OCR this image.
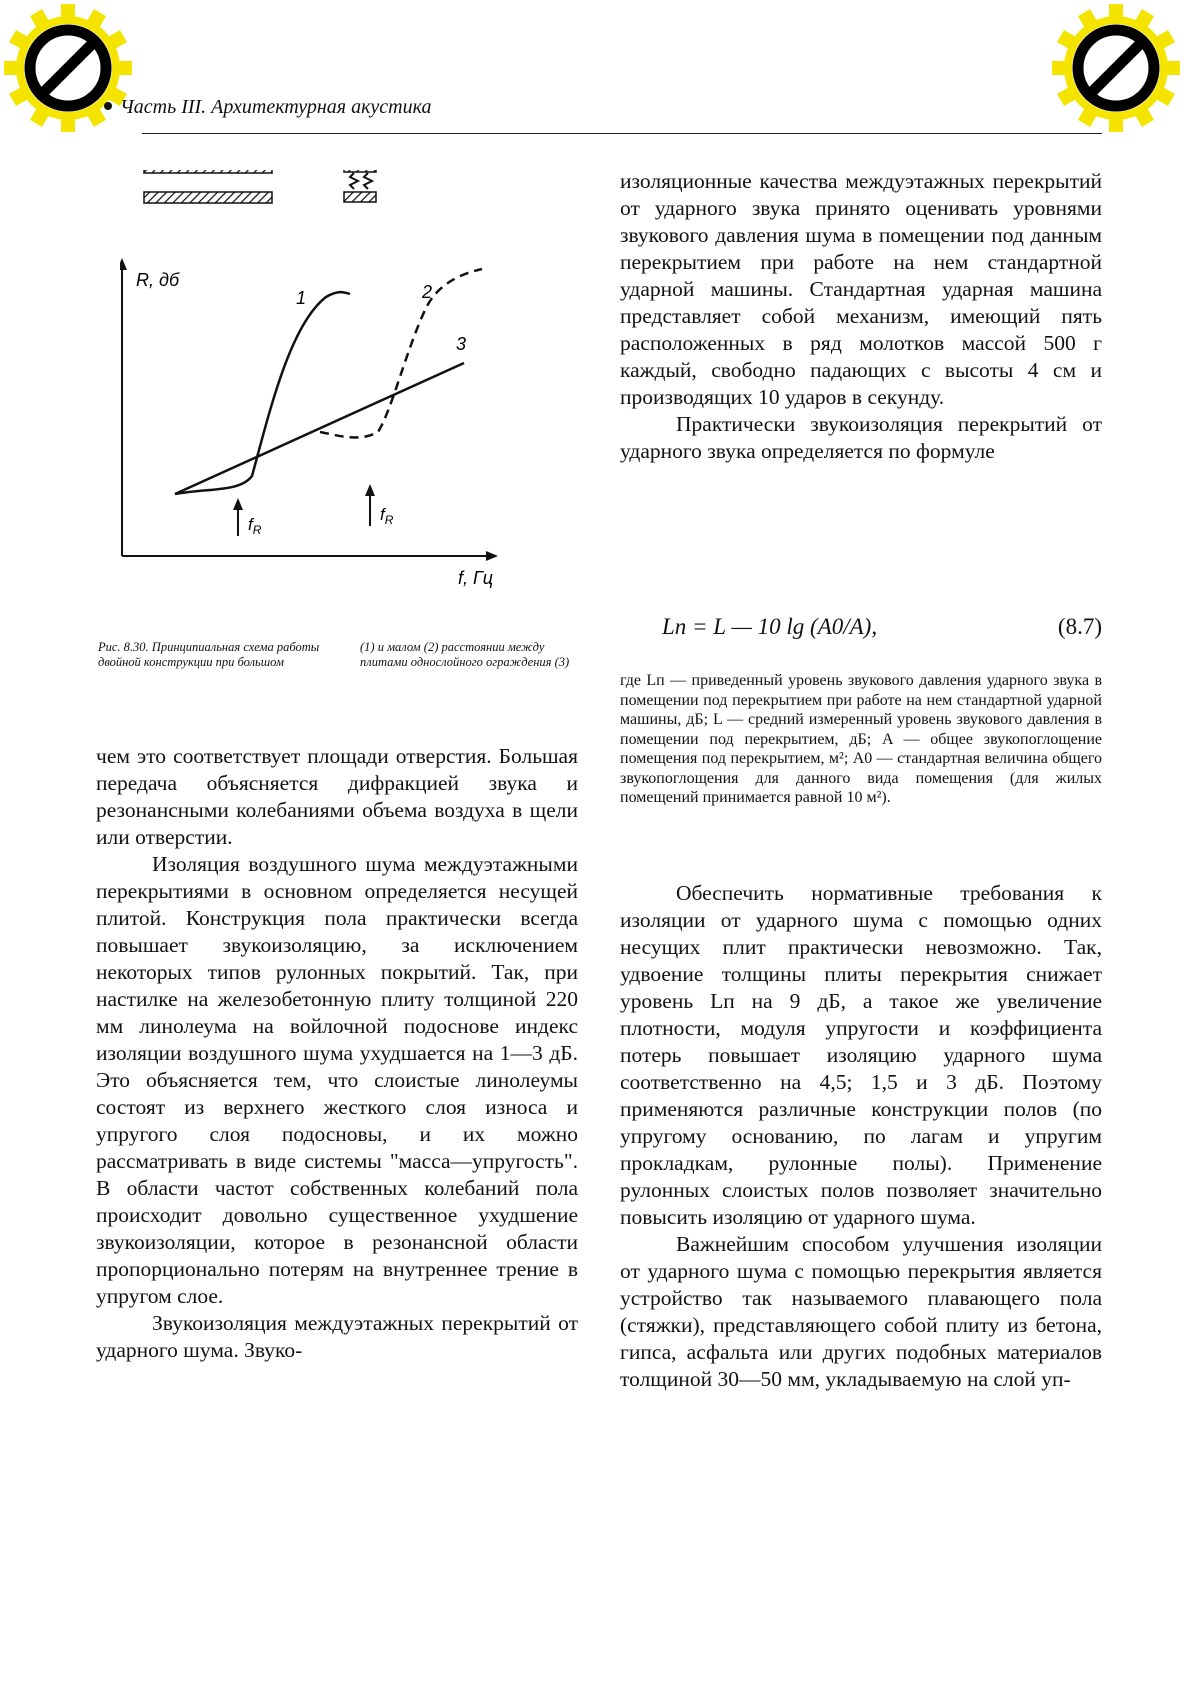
Часть III. Архитектурная акустика
R, дб
f, Гц
1	2
3
$f_R$
$f_R$
Рис. 8.30. Принципиальная схема работы двойной конструкции при большом
(1) и малом (2) расстоянии между плитами однослойного ограждения (3)

чем это соответствует площади отверстия. Большая передача объясняется дифракцией звука и резонансными колебаниями объема воздуха в щели или отверстии.

Изоляция воздушного шума междуэтажными перекрытиями в основном определяется несущей плитой. Конструкция пола практически всегда повышает звукоизоляцию, за исключением некоторых типов рулонных покрытий. Так, при настилке на железобетонную плиту толщиной 220 мм линолеума на войлочной подоснове индекс изоляции воздушного шума ухудшается на 1—3 дБ. Это объясняется тем, что слоистые линолеумы состоят из верхнего жесткого слоя износа и упругого слоя подосновы, и их можно рассматривать в виде системы "масса—упругость". В области частот собственных колебаний пола происходит довольно существенное ухудшение звукоизоляции, которое в резонансной области пропорционально потерям на внутреннее трение в упругом слое.

Звукоизоляция междуэтажных перекрытий от ударного шума. Звуко-

изоляционные качества междуэтажных перекрытий от ударного звука принято оценивать уровнями звукового давления шума в помещении под данным перекрытием при работе на нем стандартной ударной машины. Стандартная ударная машина представляет собой механизм, имеющий пять расположенных в ряд молотков массой 500 г каждый, свободно падающих с высоты 4 см и производящих 10 ударов в секунду.

Практически звукоизоляция перекрытий от ударного звука определяется по формуле

Lп = L — 10 lg (A0/A),	(8.7)
где Lп — приведенный уровень звукового давления ударного звука в помещении под перекрытием при работе на нем стандартной ударной машины, дБ; L — средний измеренный уровень звукового давления в помещении под перекрытием, дБ; A — общее звукопоглощение помещения под перекрытием, м²; A0 — стандартная величина общего звукопоглощения для данного вида помещения (для жилых помещений принимается равной 10 м²).

Обеспечить нормативные требования к изоляции от ударного шума с помощью одних несущих плит практически невозможно. Так, удвоение толщины плиты перекрытия снижает уровень Lп на 9 дБ, а такое же увеличение плотности, модуля упругости и коэффициента потерь повышает изоляцию ударного шума соответственно на 4,5; 1,5 и 3 дБ. Поэтому применяются различные конструкции полов (по упругому основанию, по лагам и упругим прокладкам, рулонные полы). Применение рулонных слоистых полов позволяет значительно повысить изоляцию от ударного шума.

Важнейшим способом улучшения изоляции от ударного шума с помощью перекрытия является устройство так называемого плавающего пола (стяжки), представляющего собой плиту из бетона, гипса, асфальта или других подобных материалов толщиной 30—50 мм, укладываемую на слой уп-
